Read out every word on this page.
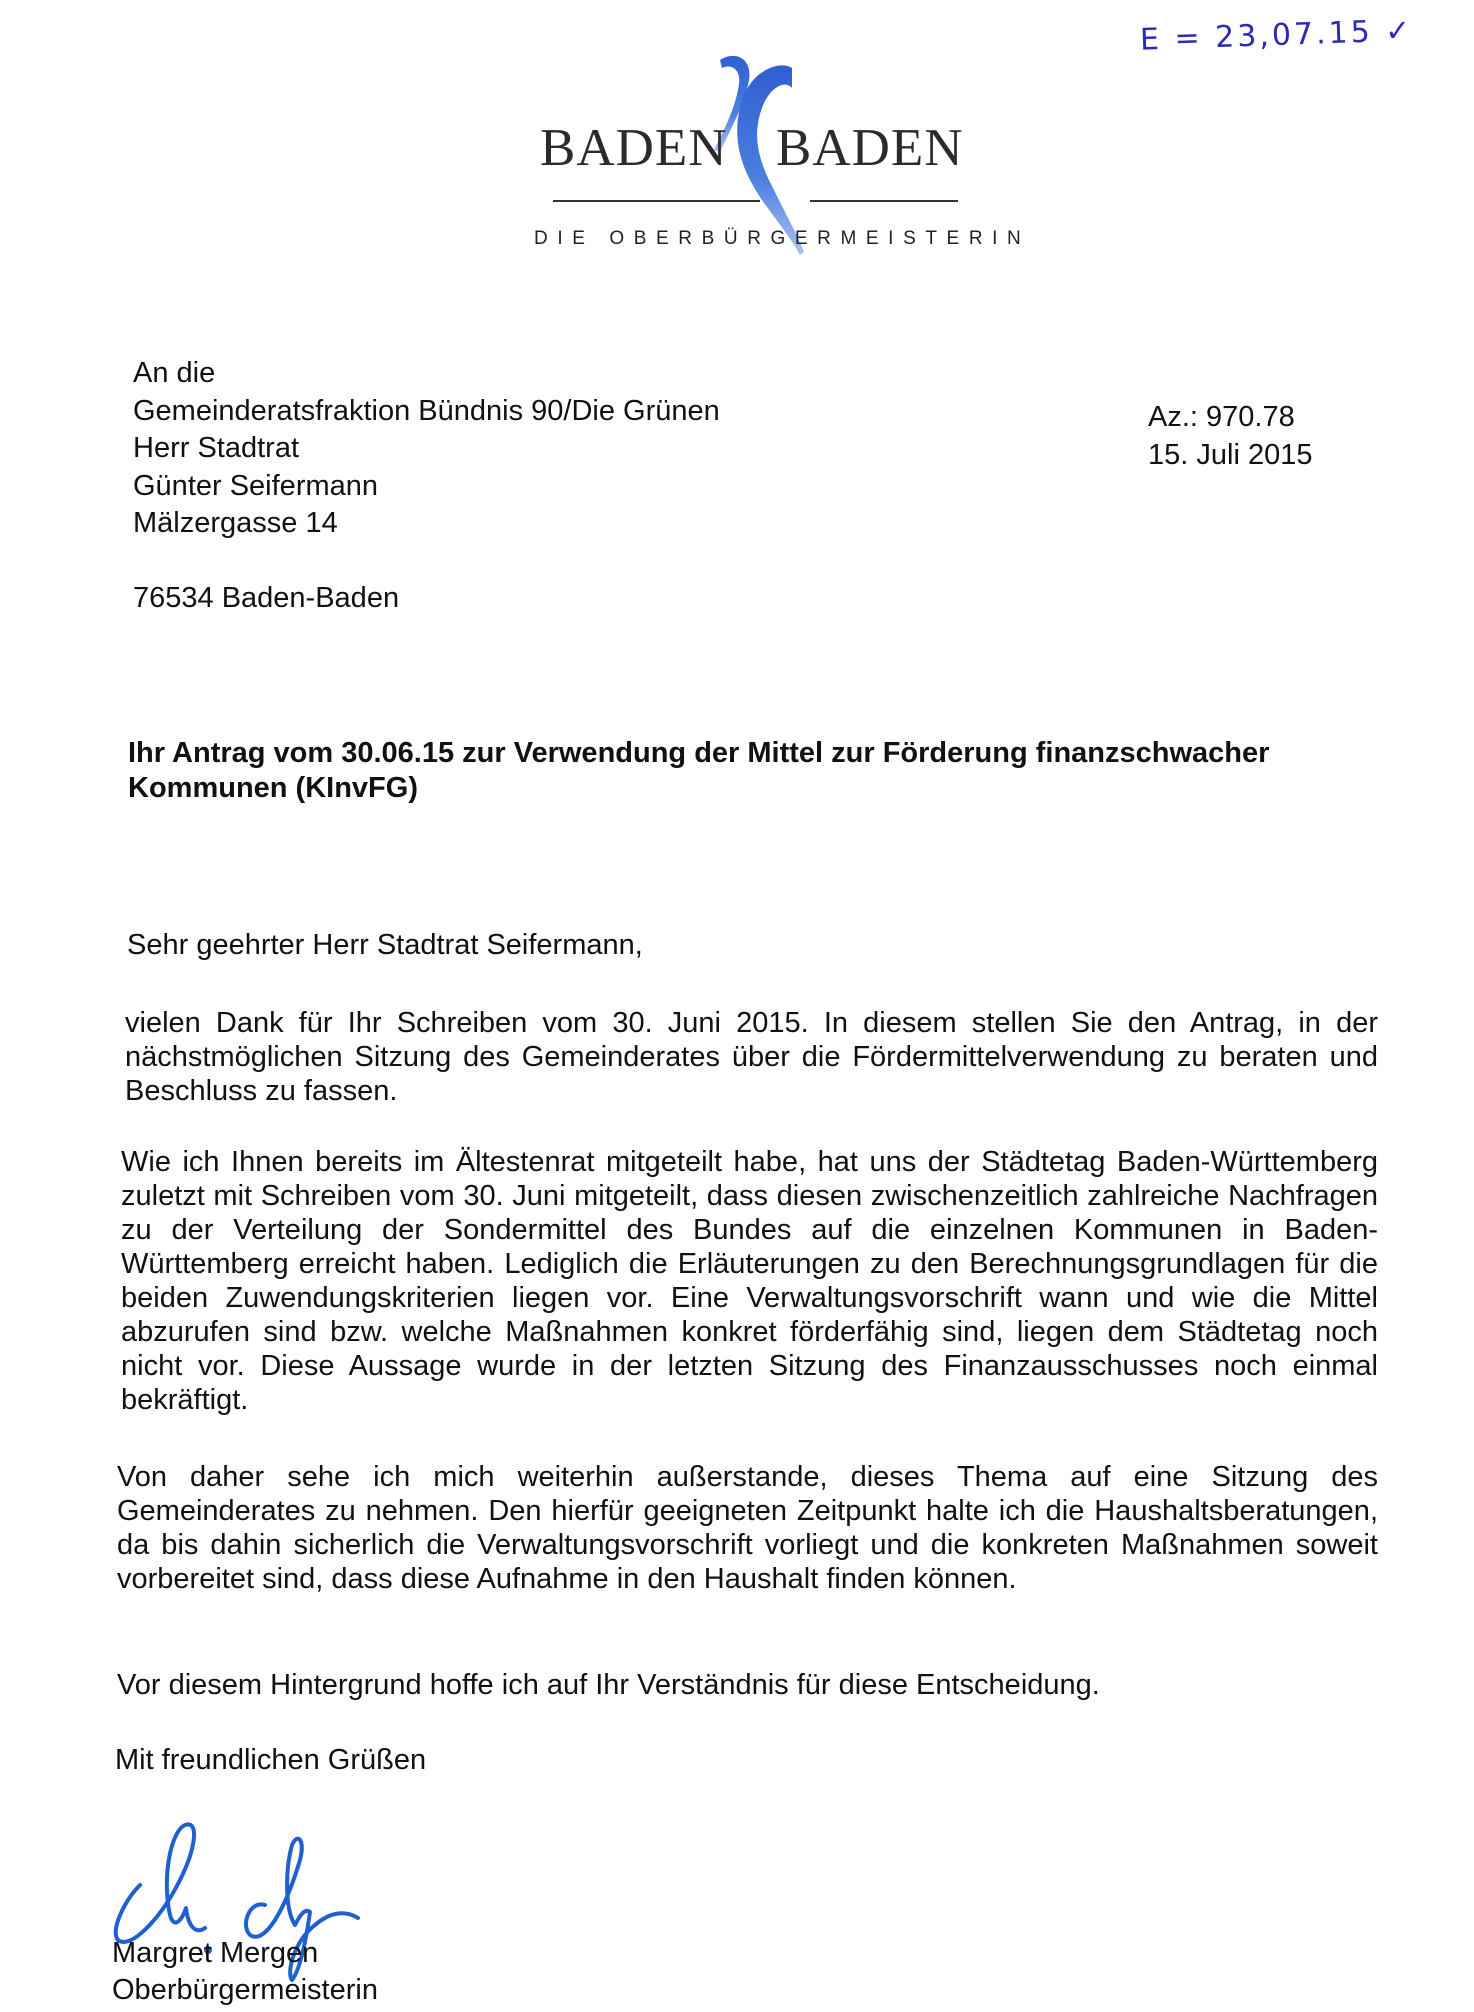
E = 23,07.15 ✓
BADEN BADEN
DIE OBERBÜRGERMEISTERIN
An die
Gemeinderatsfraktion Bündnis 90/Die Grünen
Herr Stadtrat
Günter Seifermann
Mälzergasse 14
76534 Baden-Baden
Az.: 970.78
15. Juli 2015
Ihr Antrag vom 30.06.15 zur Verwendung der Mittel zur Förderung finanzschwacher Kommunen (KInvFG)
Sehr geehrter Herr Stadtrat Seifermann,
vielen Dank für Ihr Schreiben vom 30. Juni 2015. In diesem stellen Sie den Antrag, in der nächstmöglichen Sitzung des Gemeinderates über die Fördermittelverwendung zu beraten und Beschluss zu fassen.
Wie ich Ihnen bereits im Ältestenrat mitgeteilt habe, hat uns der Städtetag Baden-Württemberg zuletzt mit Schreiben vom 30. Juni mitgeteilt, dass diesen zwischenzeitlich zahlreiche Nachfragen zu der Verteilung der Sondermittel des Bundes auf die einzelnen Kommunen in Baden-Württemberg erreicht haben. Lediglich die Erläuterungen zu den Berechnungsgrundlagen für die beiden Zuwendungskriterien liegen vor. Eine Verwaltungsvorschrift wann und wie die Mittel abzurufen sind bzw. welche Maßnahmen konkret förderfähig sind, liegen dem Städtetag noch nicht vor. Diese Aussage wurde in der letzten Sitzung des Finanzausschusses noch einmal bekräftigt.
Von daher sehe ich mich weiterhin außerstande, dieses Thema auf eine Sitzung des Gemeinderates zu nehmen. Den hierfür geeigneten Zeitpunkt halte ich die Haushaltsberatungen, da bis dahin sicherlich die Verwaltungsvorschrift vorliegt und die konkreten Maßnahmen soweit vorbereitet sind, dass diese Aufnahme in den Haushalt finden können.
Vor diesem Hintergrund hoffe ich auf Ihr Verständnis für diese Entscheidung.
Mit freundlichen Grüßen
Margret Mergen
Oberbürgermeisterin
